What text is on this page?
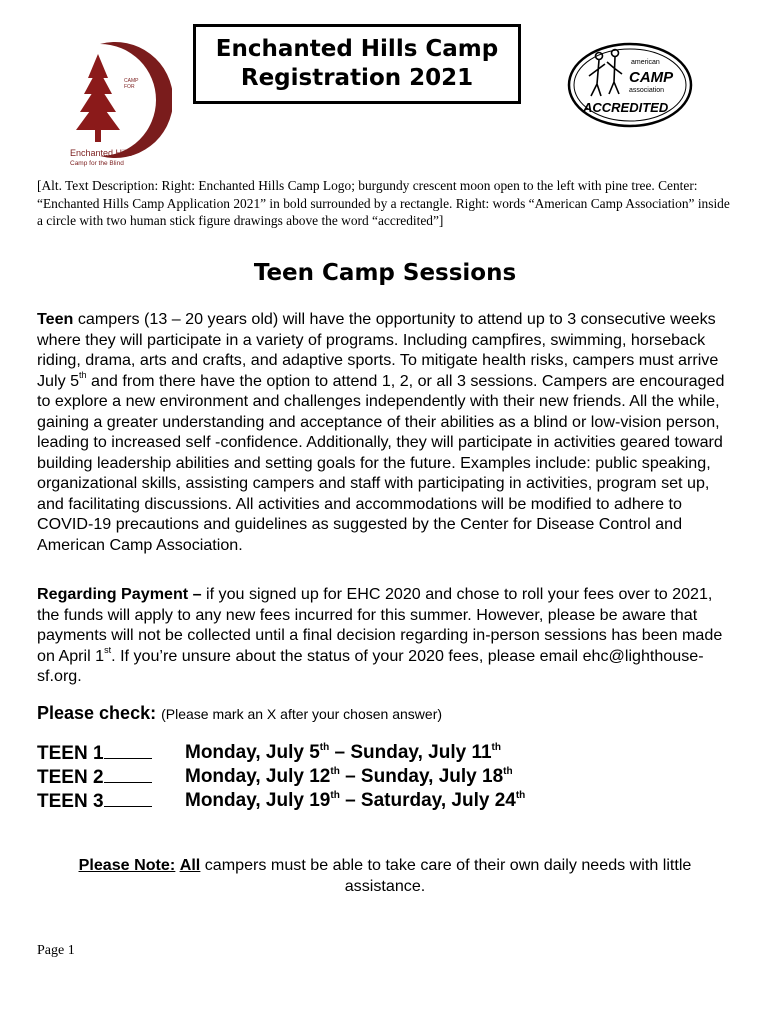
CAMP
FOR
Enchanted Hills
Camp for the Blind
Enchanted Hills Camp
Registration 2021
american
CAMP
association
ACCREDITED
[Alt. Text Description: Right: Enchanted Hills Camp Logo; burgundy crescent moon open to the left with pine tree. Center: “Enchanted Hills Camp Application 2021” in bold surrounded by a rectangle. Right: words “American Camp Association” inside a circle with two human stick figure drawings above the word “accredited”]
Teen Camp Sessions
Teen campers (13 – 20 years old) will have the opportunity to attend up to 3 consecutive weeks where they will participate in a variety of programs. Including campfires, swimming, horseback riding, drama, arts and crafts, and adaptive sports. To mitigate health risks, campers must arrive July 5th and from there have the option to attend 1, 2, or all 3 sessions. Campers are encouraged to explore a new environment and challenges independently with their new friends. All the while, gaining a greater understanding and acceptance of their abilities as a blind or low-vision person, leading to increased self -confidence. Additionally, they will participate in activities geared toward building leadership abilities and setting goals for the future. Examples include: public speaking, organizational skills, assisting campers and staff with participating in activities, program set up, and facilitating discussions. All activities and accommodations will be modified to adhere to COVID-19 precautions and guidelines as suggested by the Center for Disease Control and American Camp Association.
Regarding Payment – if you signed up for EHC 2020 and chose to roll your fees over to 2021, the funds will apply to any new fees incurred for this summer. However, please be aware that payments will not be collected until a final decision regarding in-person sessions has been made on April 1st. If you’re unsure about the status of your 2020 fees, please email ehc@lighthouse-sf.org.
Please check: (Please mark an X after your chosen answer)
TEEN 1	Monday, July 5th – Sunday, July 11th
TEEN 2	Monday, July 12th – Sunday, July 18th
TEEN 3	Monday, July 19th – Saturday, July 24th
Please Note: All campers must be able to take care of their own daily needs with little assistance.
Page 1
